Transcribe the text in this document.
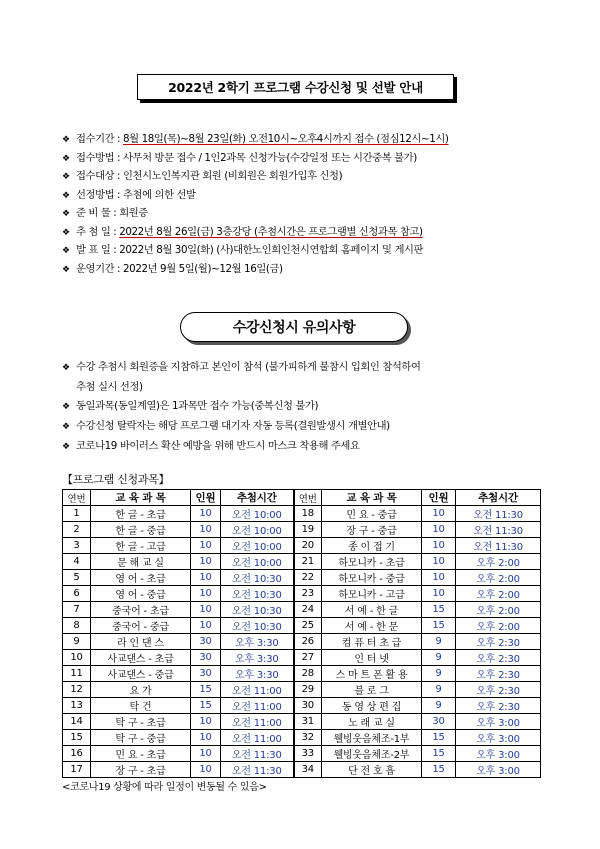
2022년 2학기 프로그램 수강신청 및 선발 안내
❖ 접수기간 : 8월 18일(목)~8월 23일(화) 오전10시~오후4시까지 접수 (점심12시~1시)
❖ 접수방법 : 사무처 방문 접수 / 1인2과목 신청가능(수강일정 또는 시간중복 불가)
❖ 접수대상 : 인천시노인복지관 회원 (비회원은 회원가입후 신청)
❖ 선정방법 : 추첨에 의한 선발
❖ 준 비 물 : 회원증
❖ 추 첨 일 : 2022년 8월 26일(금) 3층강당 (추첨시간은 프로그램별 신청과목 참고)
❖ 발 표 일 : 2022년 8월 30일(화) (사)대한노인회인천시연합회 홈페이지 및 게시판
❖ 운영기간 : 2022년 9월 5일(월)~12월 16일(금)
수강신청시 유의사항
❖ 수강 추첨시 회원증을 지참하고 본인이 참석 (불가피하게 불참시 입회인 참석하여
추첨 실시 선정)
❖ 동일과목(동일계열)은 1과목만 접수 가능(중복신청 불가)
❖ 수강신청 탈락자는 해당 프로그램 대기자 자동 등록(결원발생시 개별안내)
❖ 코로나19 바이러스 확산 예방을 위해 반드시 마스크 착용해 주세요
【프로그램 신청과목】
연번	교 육 과 목	인원	추첨시간	연번	교 육 과 목	인원	추첨시간
1	한 글 - 초급	10	오전 10:00	18	민 요 - 중급	10	오전 11:30
2	한 글 - 중급	10	오전 10:00	19	장 구 - 중급	10	오전 11:30
3	한 글 - 고급	10	오전 10:00	20	종 이 접 기	10	오전 11:30
4	문 해 교 실	10	오전 10:00	21	하모니카 - 초급	10	오후 2:00
5	영 어 - 초급	10	오전 10:30	22	하모니카 - 중급	10	오후 2:00
6	영 어 - 중급	10	오전 10:30	23	하모니카 - 고급	10	오후 2:00
7	중국어 - 초급	10	오전 10:30	24	서 예 - 한 글	15	오후 2:00
8	중국어 - 중급	10	오전 10:30	25	서 예 - 한 문	15	오후 2:00
9	라 인 댄 스	30	오후 3:30	26	컴 퓨 터 초 급	9	오후 2:30
10	사교댄스 - 초급	30	오후 3:30	27	인 터 넷	9	오후 2:30
11	사교댄스 - 중급	30	오후 3:30	28	스 마 트 폰 활 용	9	오후 2:30
12	요 가	15	오전 11:00	29	블 로 그	9	오후 2:30
13	탁 건	15	오전 11:00	30	동 영 상 편 집	9	오후 2:30
14	탁 구 - 초급	10	오전 11:00	31	노 래 교 실	30	오후 3:00
15	탁 구 - 중급	10	오전 11:00	32	웰빙웃음체조-1부	15	오후 3:00
16	민 요 - 초급	10	오전 11:30	33	웰빙웃음체조-2부	15	오후 3:00
17	장 구 - 초급	10	오전 11:30	34	단 전 호 흡	15	오후 3:00
<코로나19 상황에 따라 일정이 변동될 수 있음>
